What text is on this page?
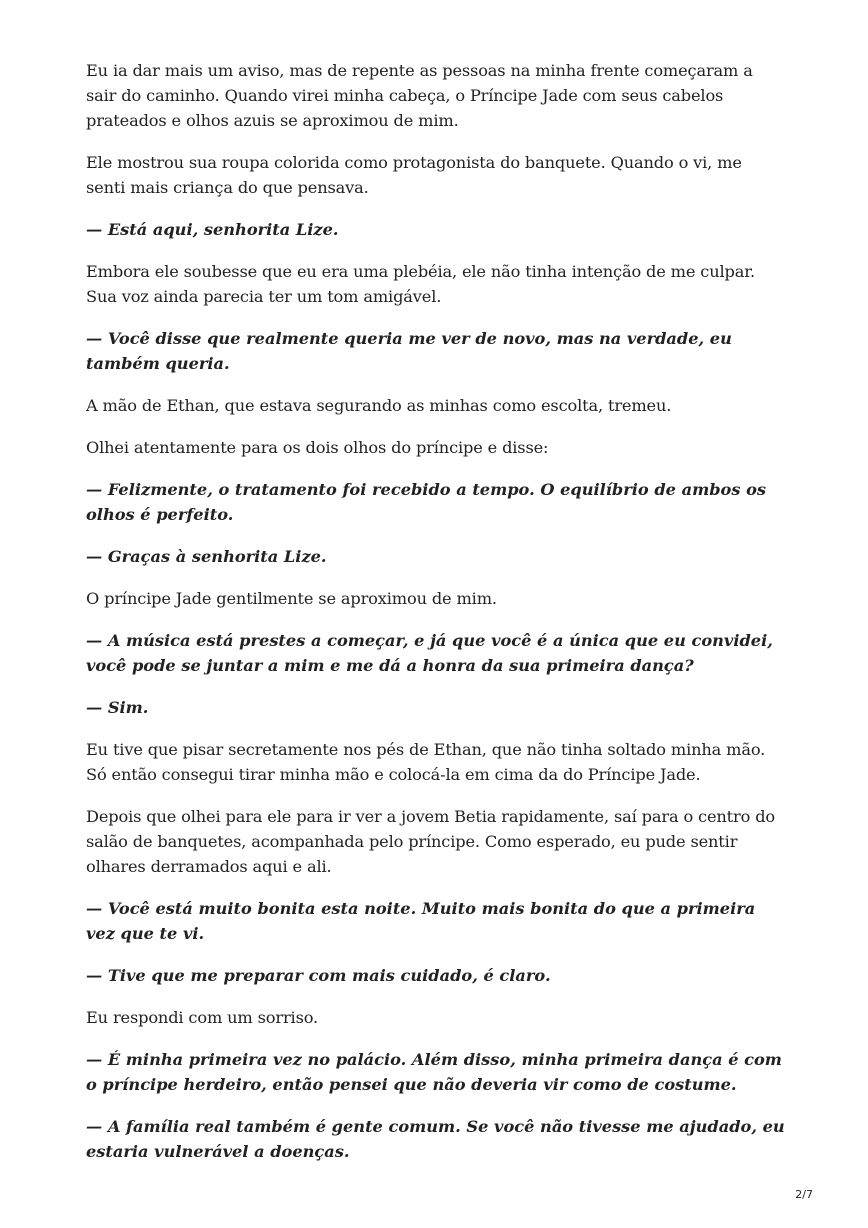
Eu ia dar mais um aviso, mas de repente as pessoas na minha frente começaram a sair do caminho. Quando virei minha cabeça, o Príncipe Jade com seus cabelos prateados e olhos azuis se aproximou de mim.

Ele mostrou sua roupa colorida como protagonista do banquete. Quando o vi, me senti mais criança do que pensava.

— Está aqui, senhorita Lize.

Embora ele soubesse que eu era uma plebéia, ele não tinha intenção de me culpar. Sua voz ainda parecia ter um tom amigável.

— Você disse que realmente queria me ver de novo, mas na verdade, eu também queria.

A mão de Ethan, que estava segurando as minhas como escolta, tremeu.

Olhei atentamente para os dois olhos do príncipe e disse:

— Felizmente, o tratamento foi recebido a tempo. O equilíbrio de ambos os olhos é perfeito.

— Graças à senhorita Lize.

O príncipe Jade gentilmente se aproximou de mim.

— A música está prestes a começar, e já que você é a única que eu convidei, você pode se juntar a mim e me dá a honra da sua primeira dança?

— Sim.

Eu tive que pisar secretamente nos pés de Ethan, que não tinha soltado minha mão. Só então consegui tirar minha mão e colocá-la em cima da do Príncipe Jade.

Depois que olhei para ele para ir ver a jovem Betia rapidamente, saí para o centro do salão de banquetes, acompanhada pelo príncipe. Como esperado, eu pude sentir olhares derramados aqui e ali.

— Você está muito bonita esta noite. Muito mais bonita do que a primeira vez que te vi.

— Tive que me preparar com mais cuidado, é claro.

Eu respondi com um sorriso.

— É minha primeira vez no palácio. Além disso, minha primeira dança é com o príncipe herdeiro, então pensei que não deveria vir como de costume.

— A família real também é gente comum. Se você não tivesse me ajudado, eu estaria vulnerável a doenças.

2/7
